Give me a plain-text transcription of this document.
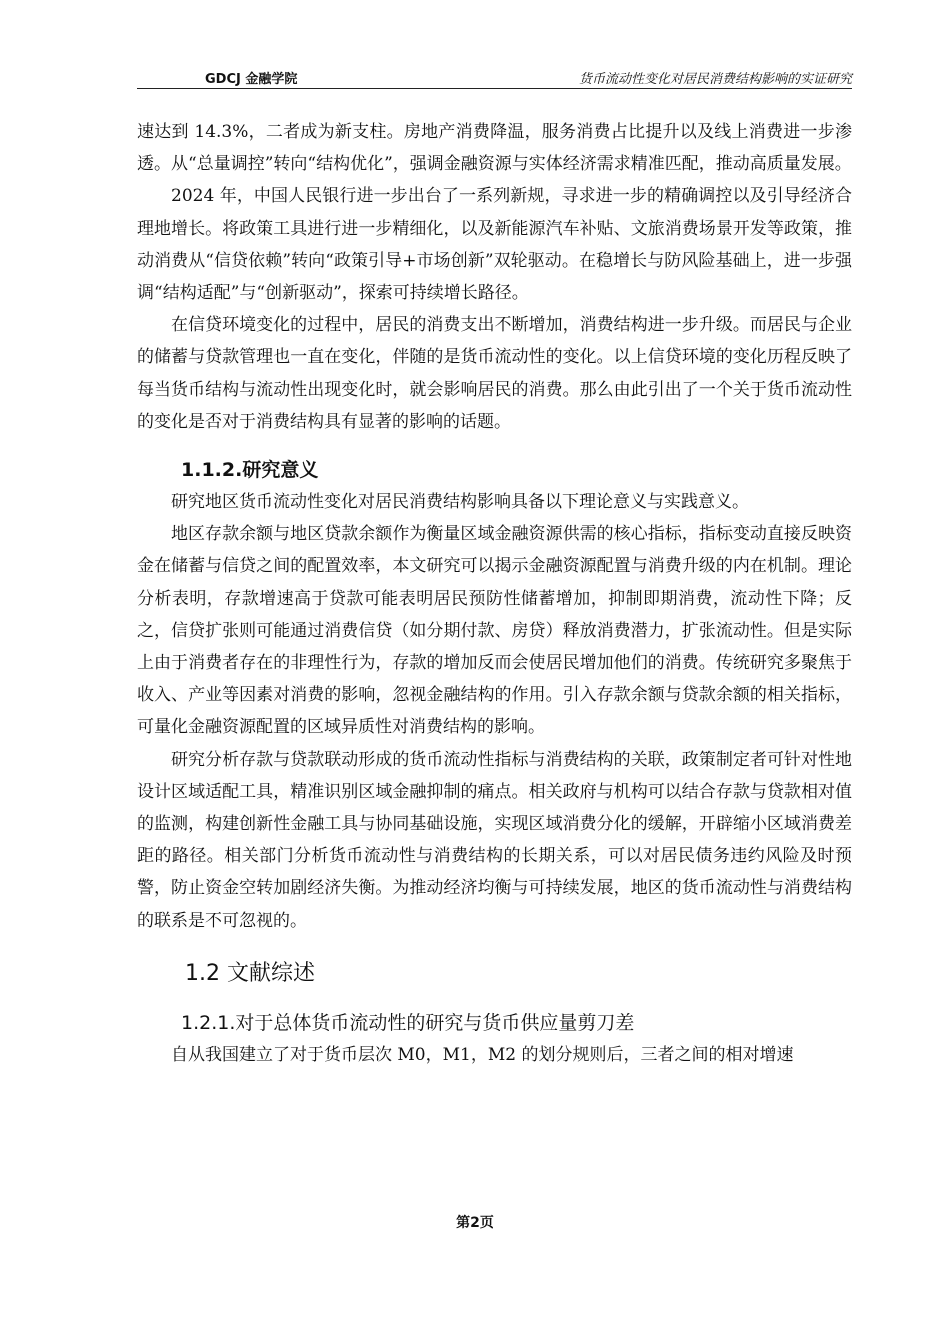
GDCJ 金融学院	货币流动性变化对居民消费结构影响的实证研究

速达到 14.3%，二者成为新支柱。房地产消费降温，服务消费占比提升以及线上消费进一步渗透。从“总量调控”转向“结构优化”，强调金融资源与实体经济需求精准匹配，推动高质量发展。

2024 年，中国人民银行进一步出台了一系列新规，寻求进一步的精确调控以及引导经济合理地增长。将政策工具进行进一步精细化，以及新能源汽车补贴、文旅消费场景开发等政策，推动消费从“信贷依赖”转向“政策引导+市场创新”双轮驱动。在稳增长与防风险基础上，进一步强调“结构适配”与“创新驱动”，探索可持续增长路径。

在信贷环境变化的过程中，居民的消费支出不断增加，消费结构进一步升级。而居民与企业的储蓄与贷款管理也一直在变化，伴随的是货币流动性的变化。以上信贷环境的变化历程反映了每当货币结构与流动性出现变化时，就会影响居民的消费。那么由此引出了一个关于货币流动性的变化是否对于消费结构具有显著的影响的话题。

1.1.2.研究意义

研究地区货币流动性变化对居民消费结构影响具备以下理论意义与实践意义。

地区存款余额与地区贷款余额作为衡量区域金融资源供需的核心指标，指标变动直接反映资金在储蓄与信贷之间的配置效率，本文研究可以揭示金融资源配置与消费升级的内在机制。理论分析表明，存款增速高于贷款可能表明居民预防性储蓄增加，抑制即期消费，流动性下降；反之，信贷扩张则可能通过消费信贷（如分期付款、房贷）释放消费潜力，扩张流动性。但是实际上由于消费者存在的非理性行为，存款的增加反而会使居民增加他们的消费。传统研究多聚焦于收入、产业等因素对消费的影响，忽视金融结构的作用。引入存款余额与贷款余额的相关指标，可量化金融资源配置的区域异质性对消费结构的影响。

研究分析存款与贷款联动形成的货币流动性指标与消费结构的关联，政策制定者可针对性地设计区域适配工具，精准识别区域金融抑制的痛点。相关政府与机构可以结合存款与贷款相对值的监测，构建创新性金融工具与协同基础设施，实现区域消费分化的缓解，开辟缩小区域消费差距的路径。相关部门分析货币流动性与消费结构的长期关系，可以对居民债务违约风险及时预警，防止资金空转加剧经济失衡。为推动经济均衡与可持续发展，地区的货币流动性与消费结构的联系是不可忽视的。

1.2 文献综述
1.2.1.对于总体货币流动性的研究与货币供应量剪刀差

自从我国建立了对于货币层次 M0，M1，M2 的划分规则后，三者之间的相对增速

第2页
